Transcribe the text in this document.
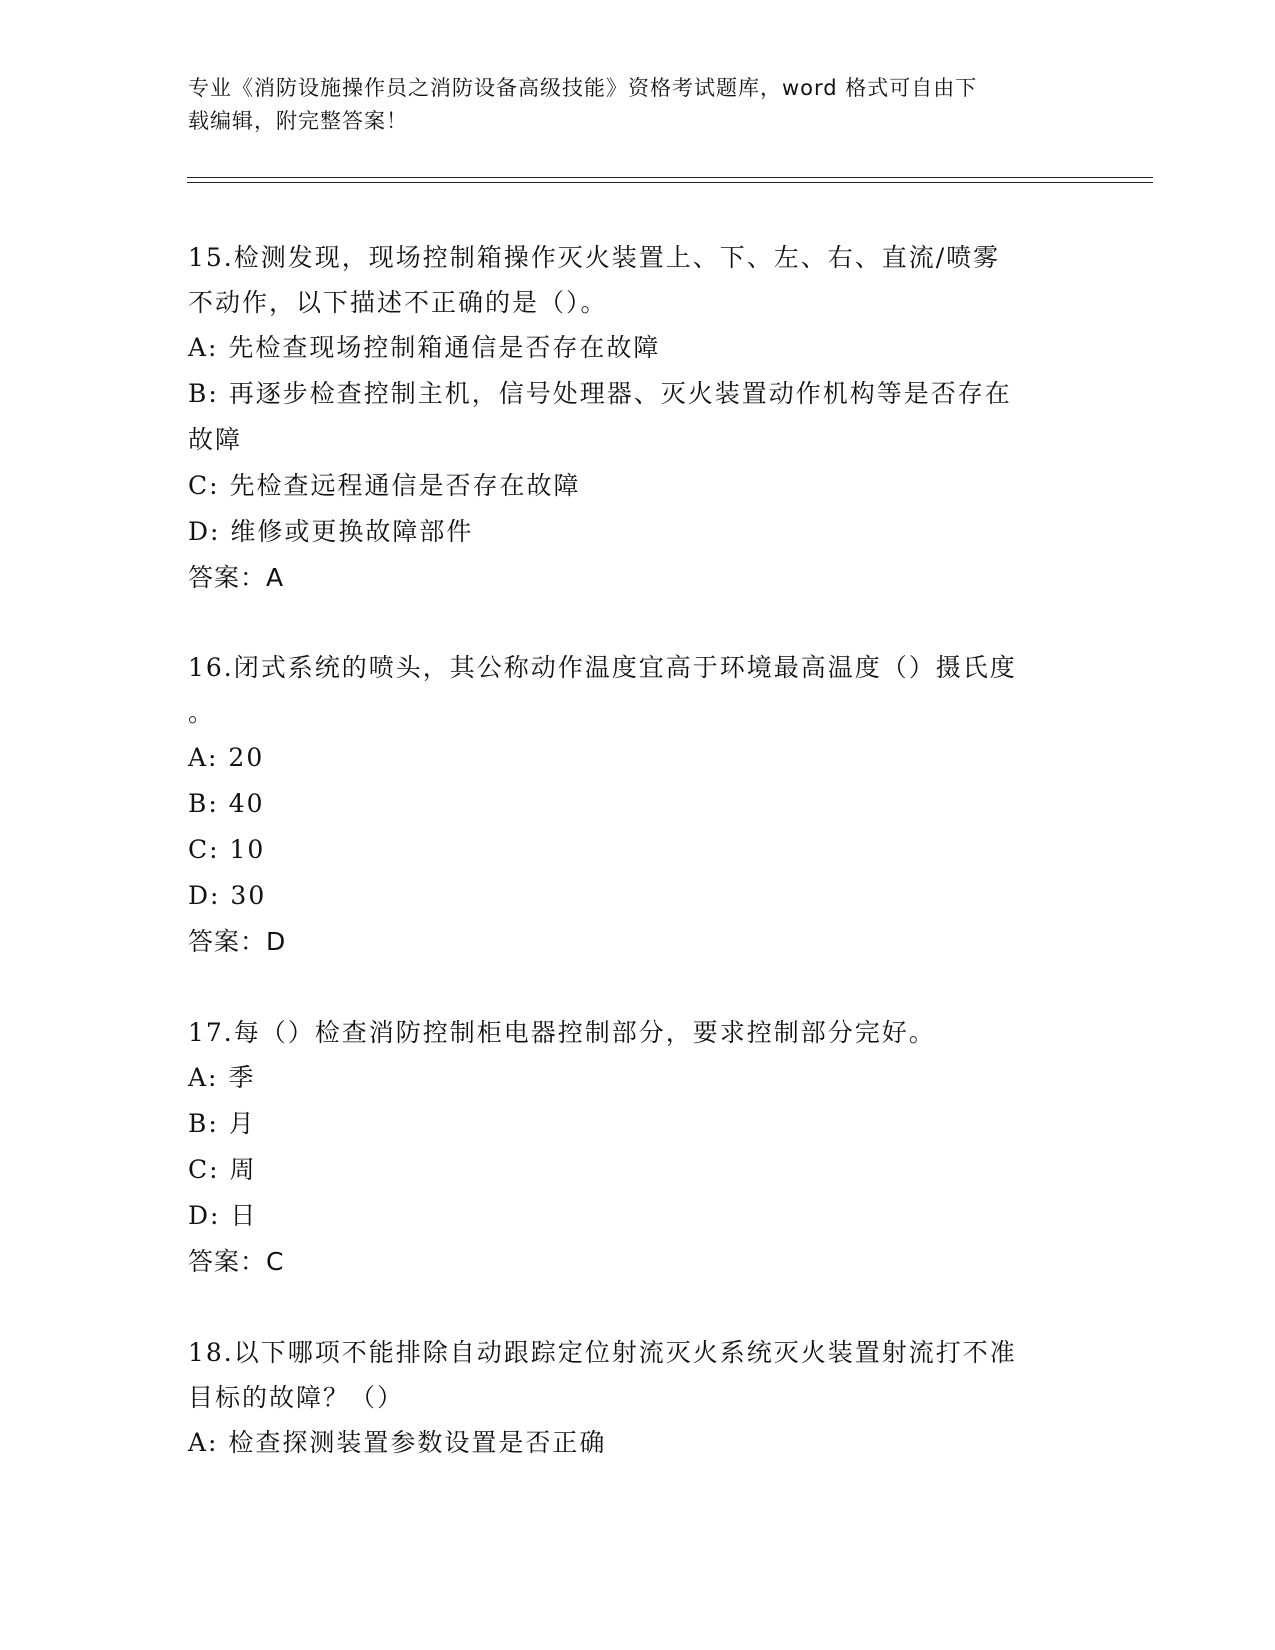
专业《消防设施操作员之消防设备高级技能》资格考试题库，word 格式可自由下
载编辑，附完整答案！

15.检测发现，现场控制箱操作灭火装置上、下、左、右、直流/喷雾

不动作，以下描述不正确的是（）。

A: 先检查现场控制箱通信是否存在故障

B: 再逐步检查控制主机，信号处理器、灭火装置动作机构等是否存在

故障

C: 先检查远程通信是否存在故障

D: 维修或更换故障部件

答案：A

16.闭式系统的喷头，其公称动作温度宜高于环境最高温度（）摄氏度

。

A: 20

B: 40

C: 10

D: 30

答案：D

17.每（）检查消防控制柜电器控制部分，要求控制部分完好。

A: 季

B: 月

C: 周

D: 日

答案：C

18.以下哪项不能排除自动跟踪定位射流灭火系统灭火装置射流打不准

目标的故障？（）

A: 检查探测装置参数设置是否正确
